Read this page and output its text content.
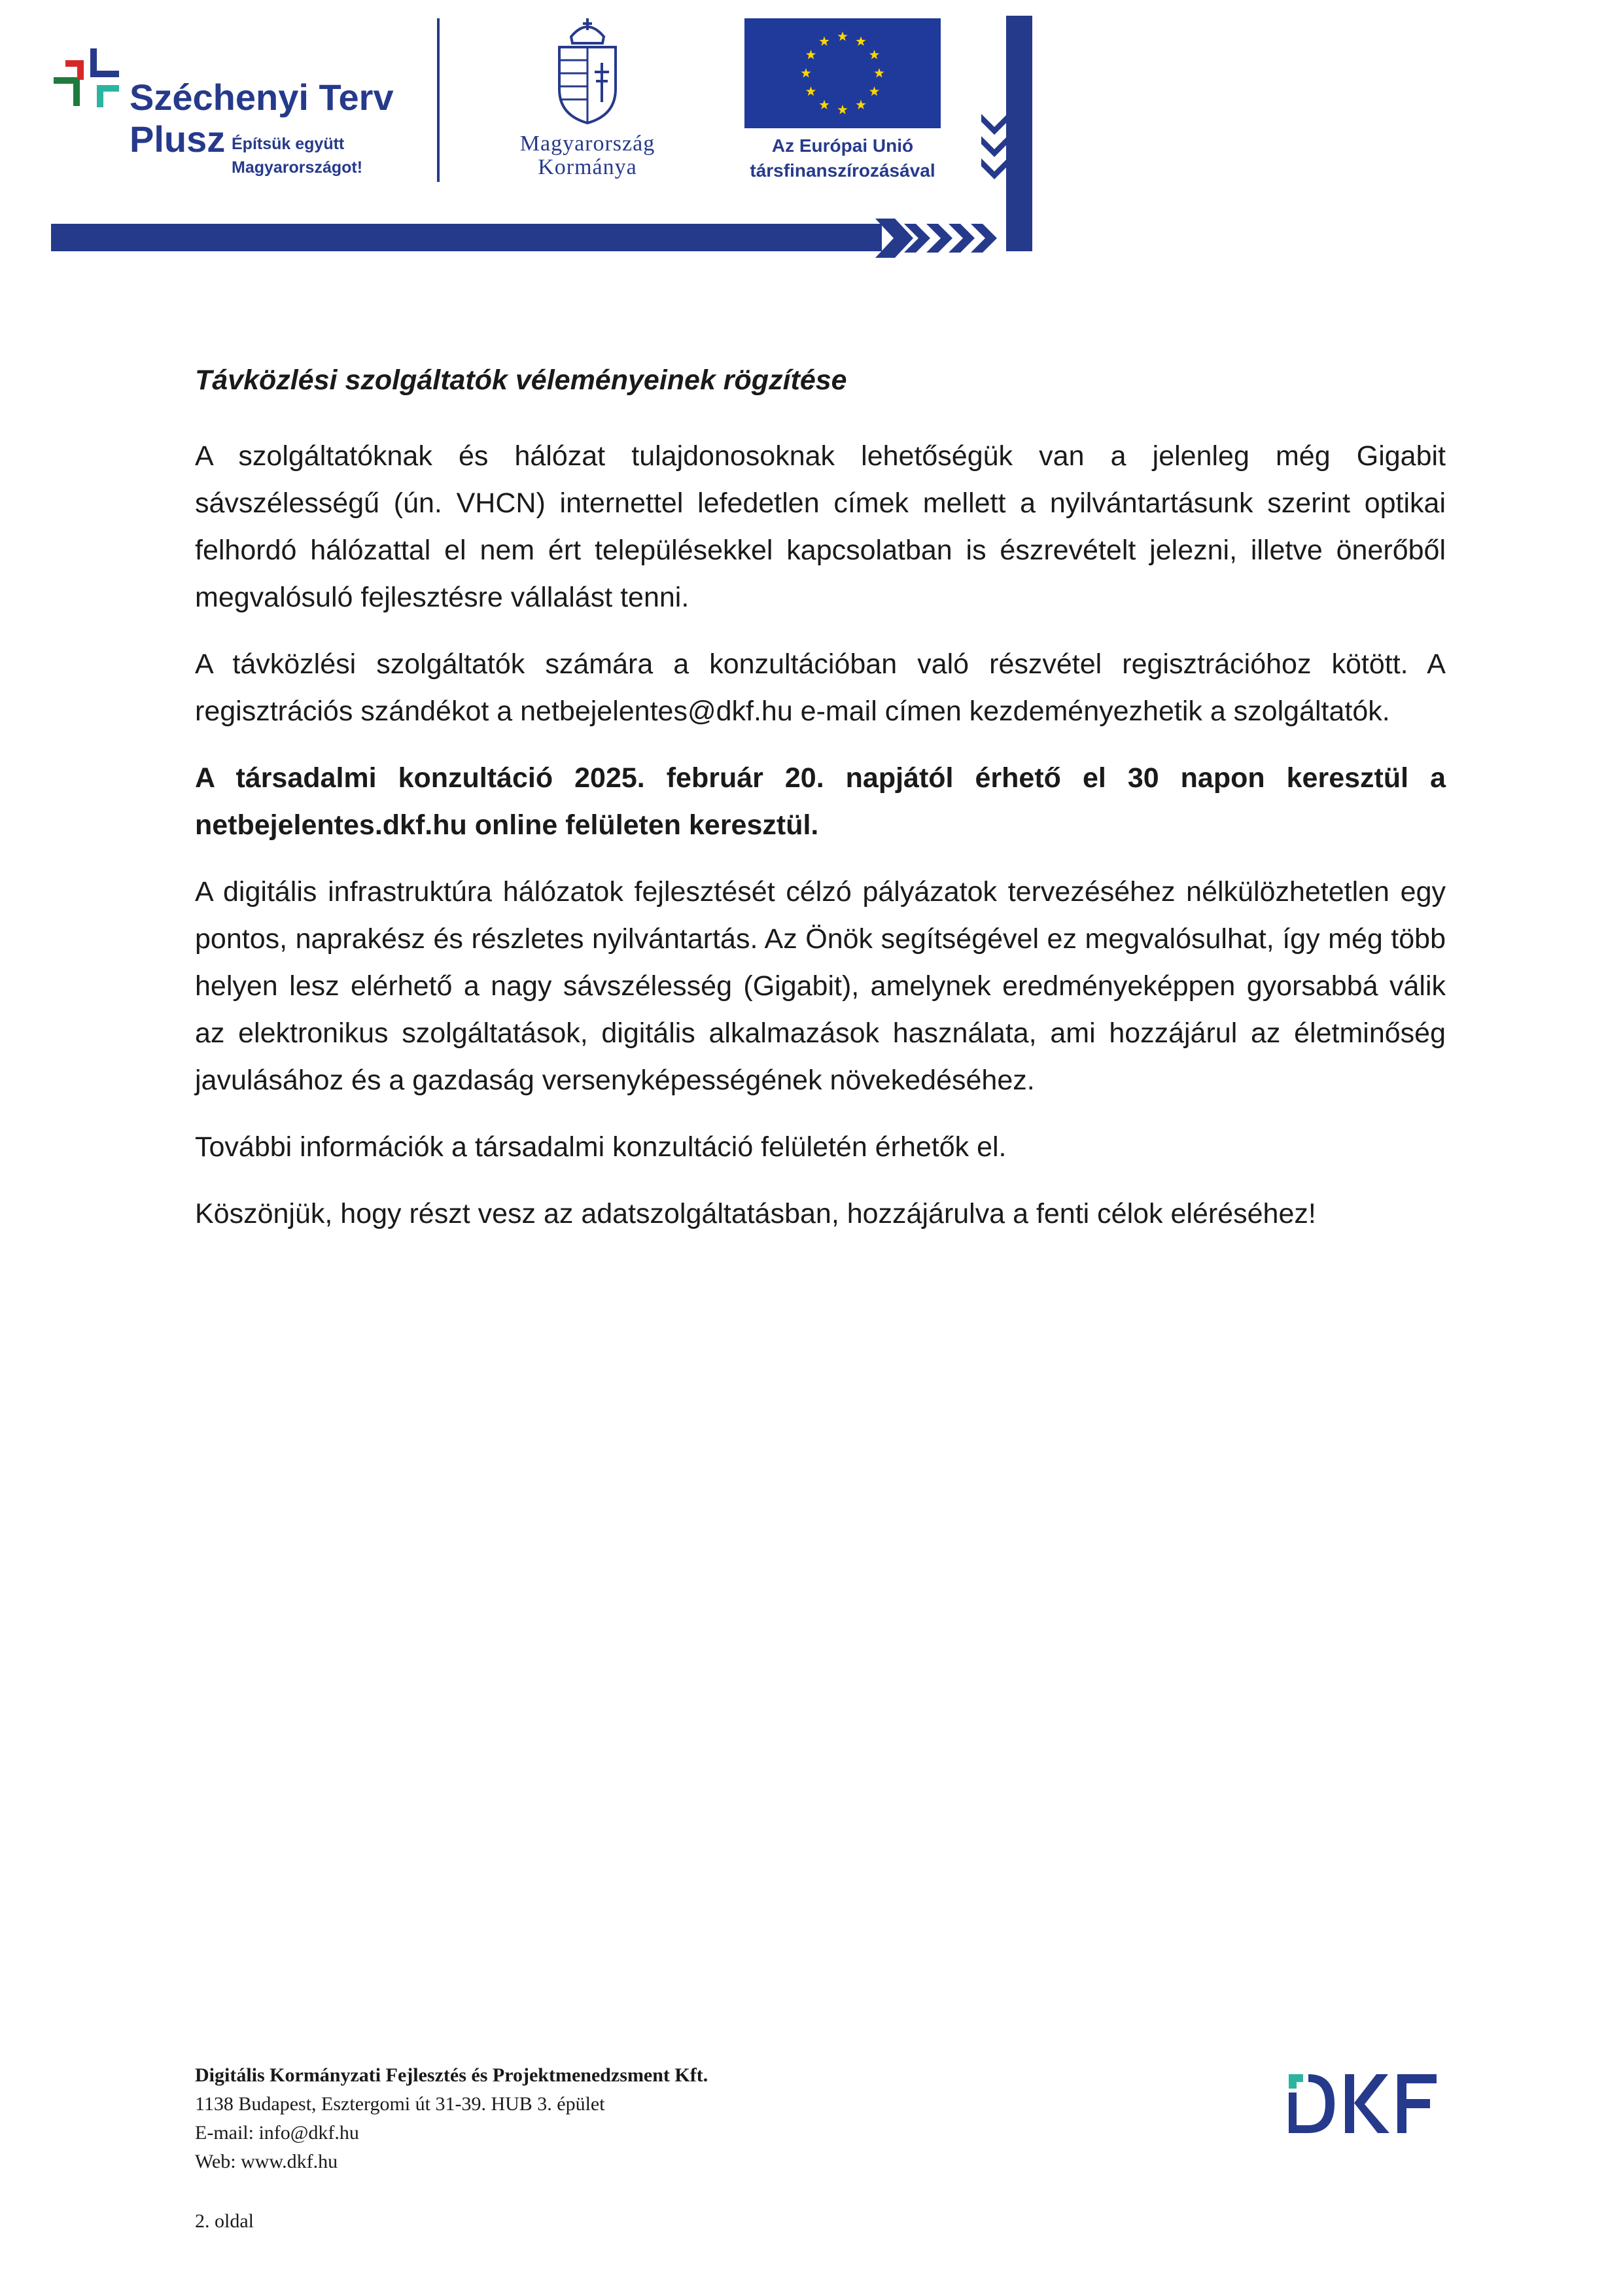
Széchenyi Terv
Plusz Építsük együtt
Magyarországot!
Magyarország
Kormánya
Az Európai Unió
társfinanszírozásával
Távközlési szolgáltatók véleményeinek rögzítése

A szolgáltatóknak és hálózat tulajdonosoknak lehetőségük van a jelenleg még Gigabit sávszélességű (ún. VHCN) internettel lefedetlen címek mellett a nyilvántartásunk szerint optikai felhordó hálózattal el nem ért településekkel kapcsolatban is észrevételt jelezni, illetve önerőből megvalósuló fejlesztésre vállalást tenni.

A távközlési szolgáltatók számára a konzultációban való részvétel regisztrációhoz kötött. A regisztrációs szándékot a netbejelentes@dkf.hu e-mail címen kezdeményezhetik a szolgáltatók.

A társadalmi konzultáció 2025. február 20. napjától érhető el 30 napon keresztül a netbejelentes.dkf.hu online felületen keresztül.

A digitális infrastruktúra hálózatok fejlesztését célzó pályázatok tervezéséhez nélkülözhetetlen egy pontos, naprakész és részletes nyilvántartás. Az Önök segítségével ez megvalósulhat, így még több helyen lesz elérhető a nagy sávszélesség (Gigabit), amelynek eredményeképpen gyorsabbá válik az elektronikus szolgáltatások, digitális alkalmazások használata, ami hozzájárul az életminőség javulásához és a gazdaság versenyképességének növekedéséhez.

További információk a társadalmi konzultáció felületén érhetők el.

Köszönjük, hogy részt vesz az adatszolgáltatásban, hozzájárulva a fenti célok eléréséhez!

Digitális Kormányzati Fejlesztés és Projektmenedzsment Kft.
1138 Budapest, Esztergomi út 31-39. HUB 3. épület
E-mail: info@dkf.hu
Web: www.dkf.hu
2. oldal
